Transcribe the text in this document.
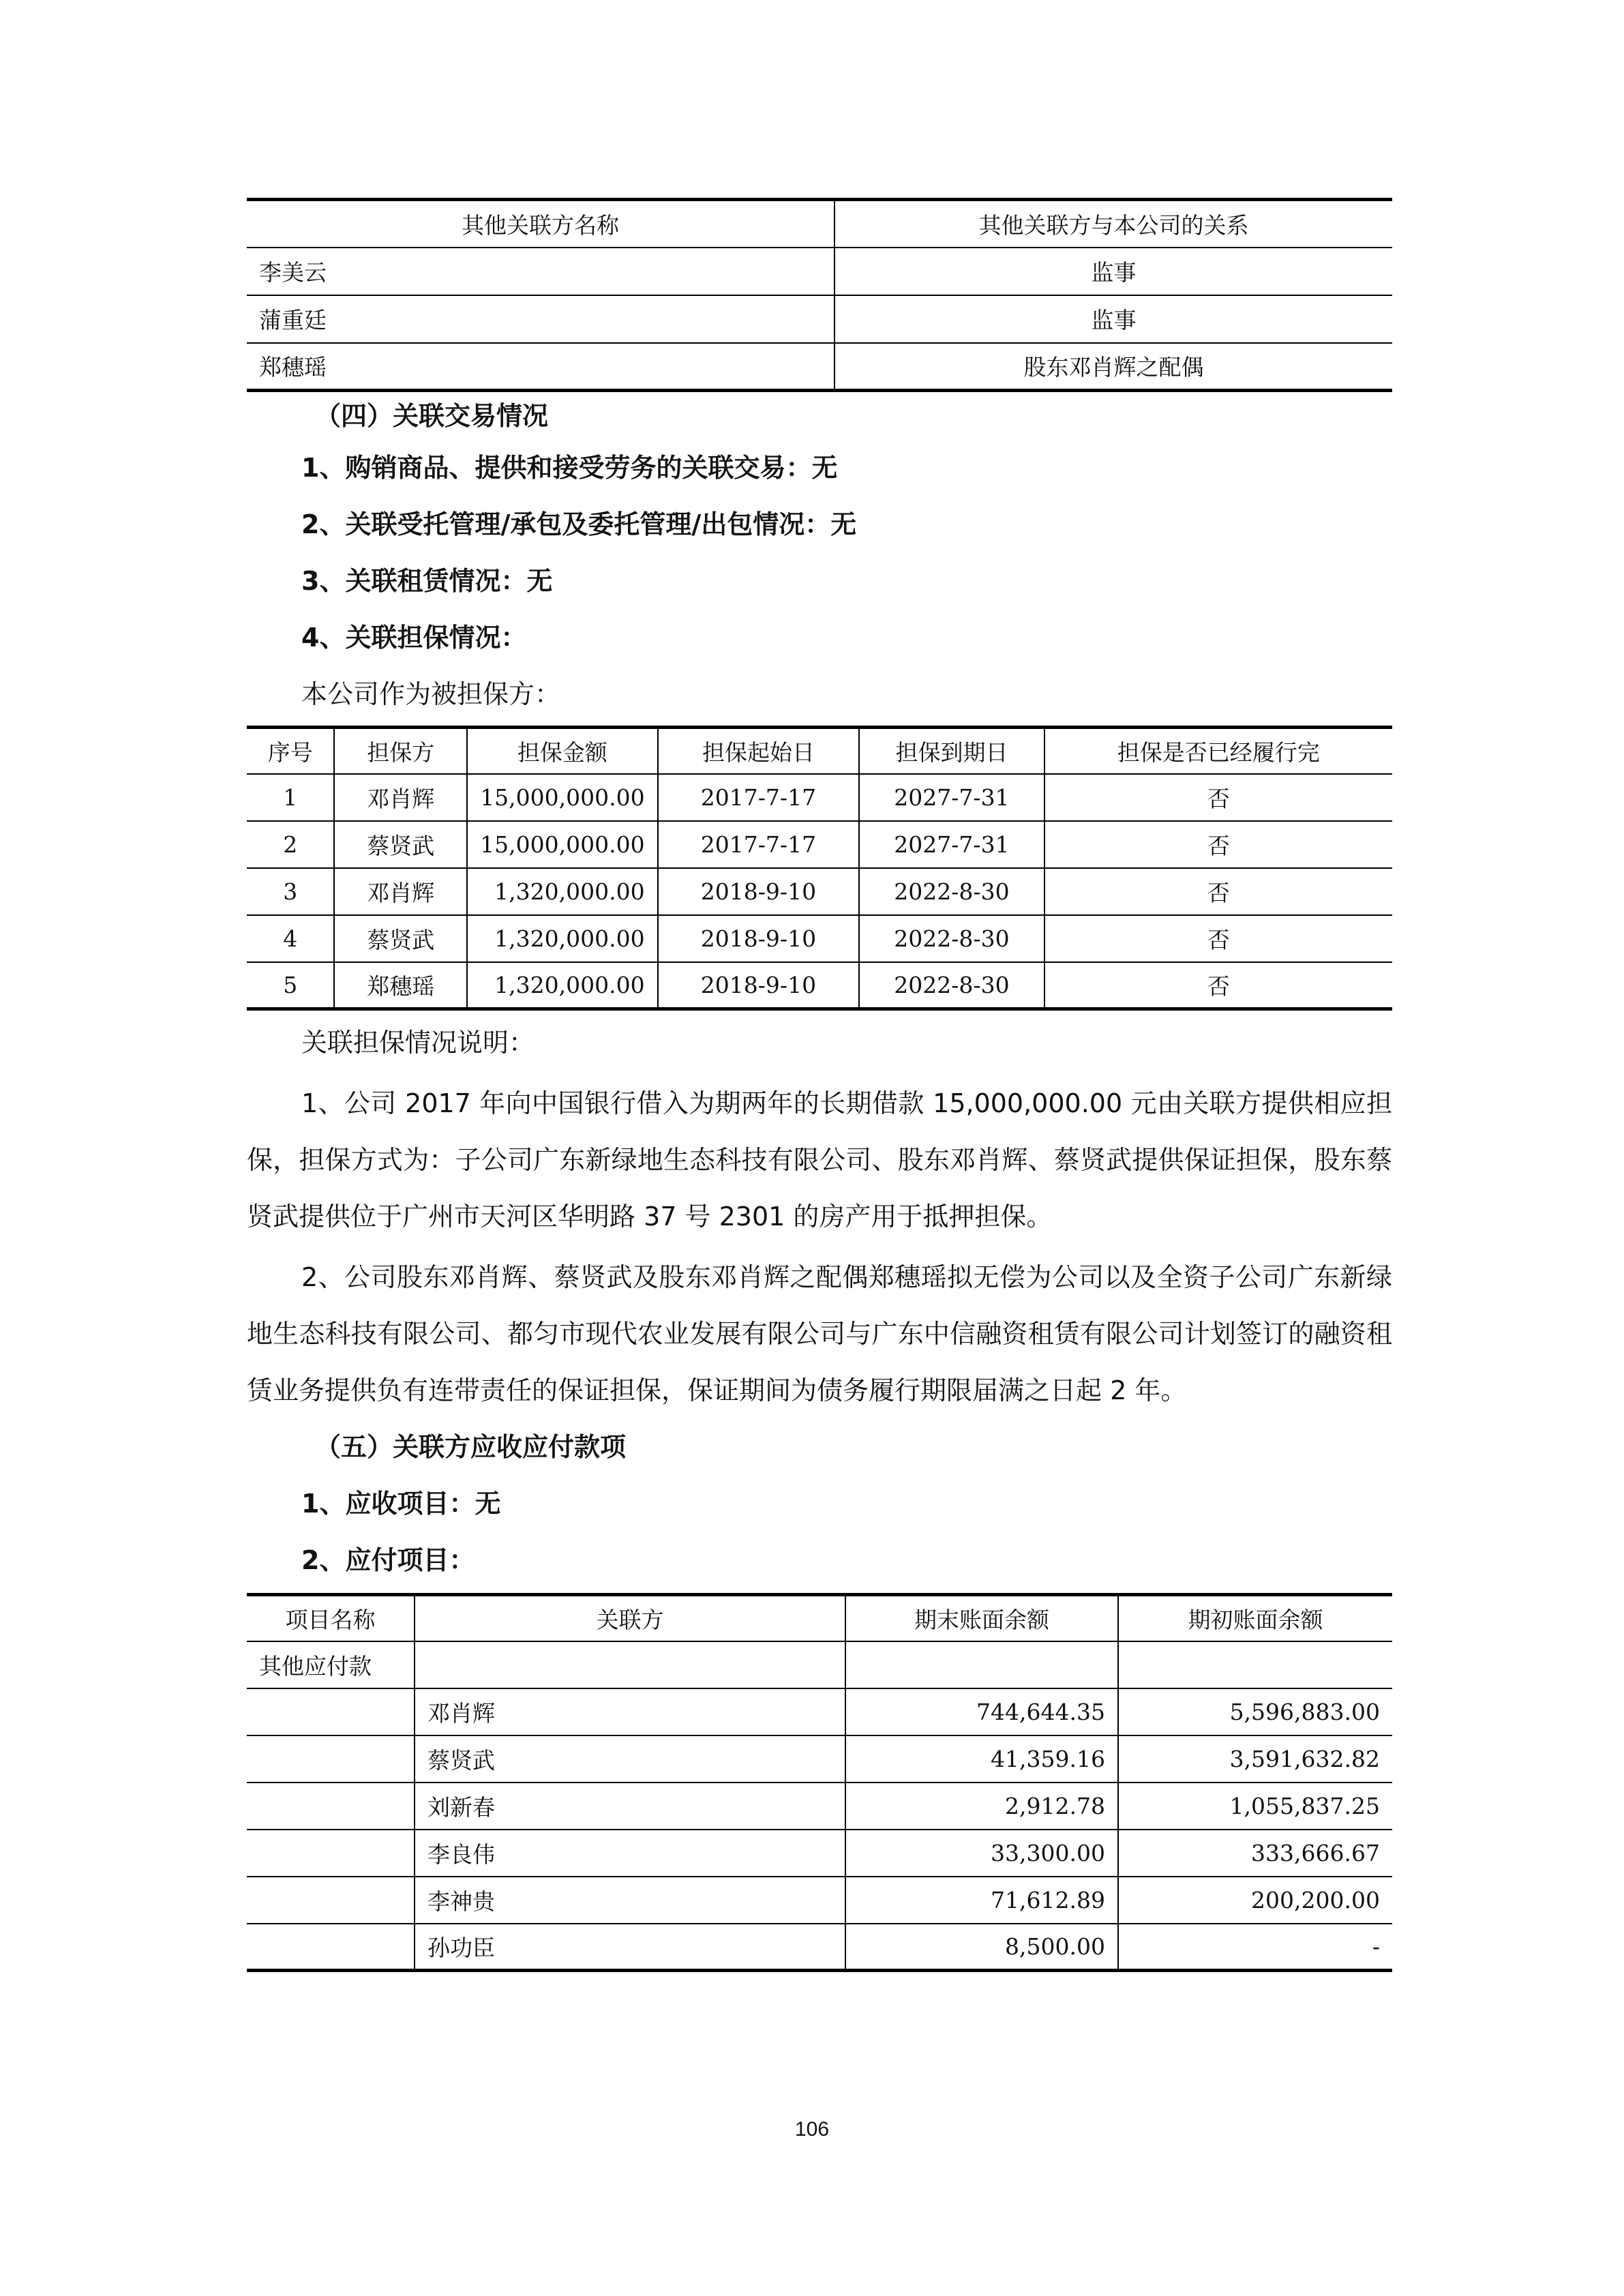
其他关联方名称	其他关联方与本公司的关系
李美云	监事
蒲重廷	监事
郑穗瑶	股东邓肖辉之配偶
（四）关联交易情况
1、购销商品、提供和接受劳务的关联交易：无
2、关联受托管理/承包及委托管理/出包情况：无
3、关联租赁情况：无
4、关联担保情况：
本公司作为被担保方：
序号	担保方	担保金额	担保起始日	担保到期日	担保是否已经履行完
1	邓肖辉	15,000,000.00	2017-7-17	2027-7-31	否
2	蔡贤武	15,000,000.00	2017-7-17	2027-7-31	否
3	邓肖辉	1,320,000.00	2018-9-10	2022-8-30	否
4	蔡贤武	1,320,000.00	2018-9-10	2022-8-30	否
5	郑穗瑶	1,320,000.00	2018-9-10	2022-8-30	否
关联担保情况说明：

1、公司 2017 年向中国银行借入为期两年的长期借款 15,000,000.00 元由关联方提供相应担保，担保方式为：子公司广东新绿地生态科技有限公司、股东邓肖辉、蔡贤武提供保证担保，股东蔡贤武提供位于广州市天河区华明路 37 号 2301 的房产用于抵押担保。

2、公司股东邓肖辉、蔡贤武及股东邓肖辉之配偶郑穗瑶拟无偿为公司以及全资子公司广东新绿地生态科技有限公司、都匀市现代农业发展有限公司与广东中信融资租赁有限公司计划签订的融资租赁业务提供负有连带责任的保证担保，保证期间为债务履行期限届满之日起 2 年。

（五）关联方应收应付款项
1、应收项目：无
2、应付项目：
项目名称	关联方	期末账面余额	期初账面余额
其他应付款			
	邓肖辉	744,644.35	5,596,883.00
	蔡贤武	41,359.16	3,591,632.82
	刘新春	2,912.78	1,055,837.25
	李良伟	33,300.00	333,666.67
	李神贵	71,612.89	200,200.00
	孙功臣	8,500.00	-
106
